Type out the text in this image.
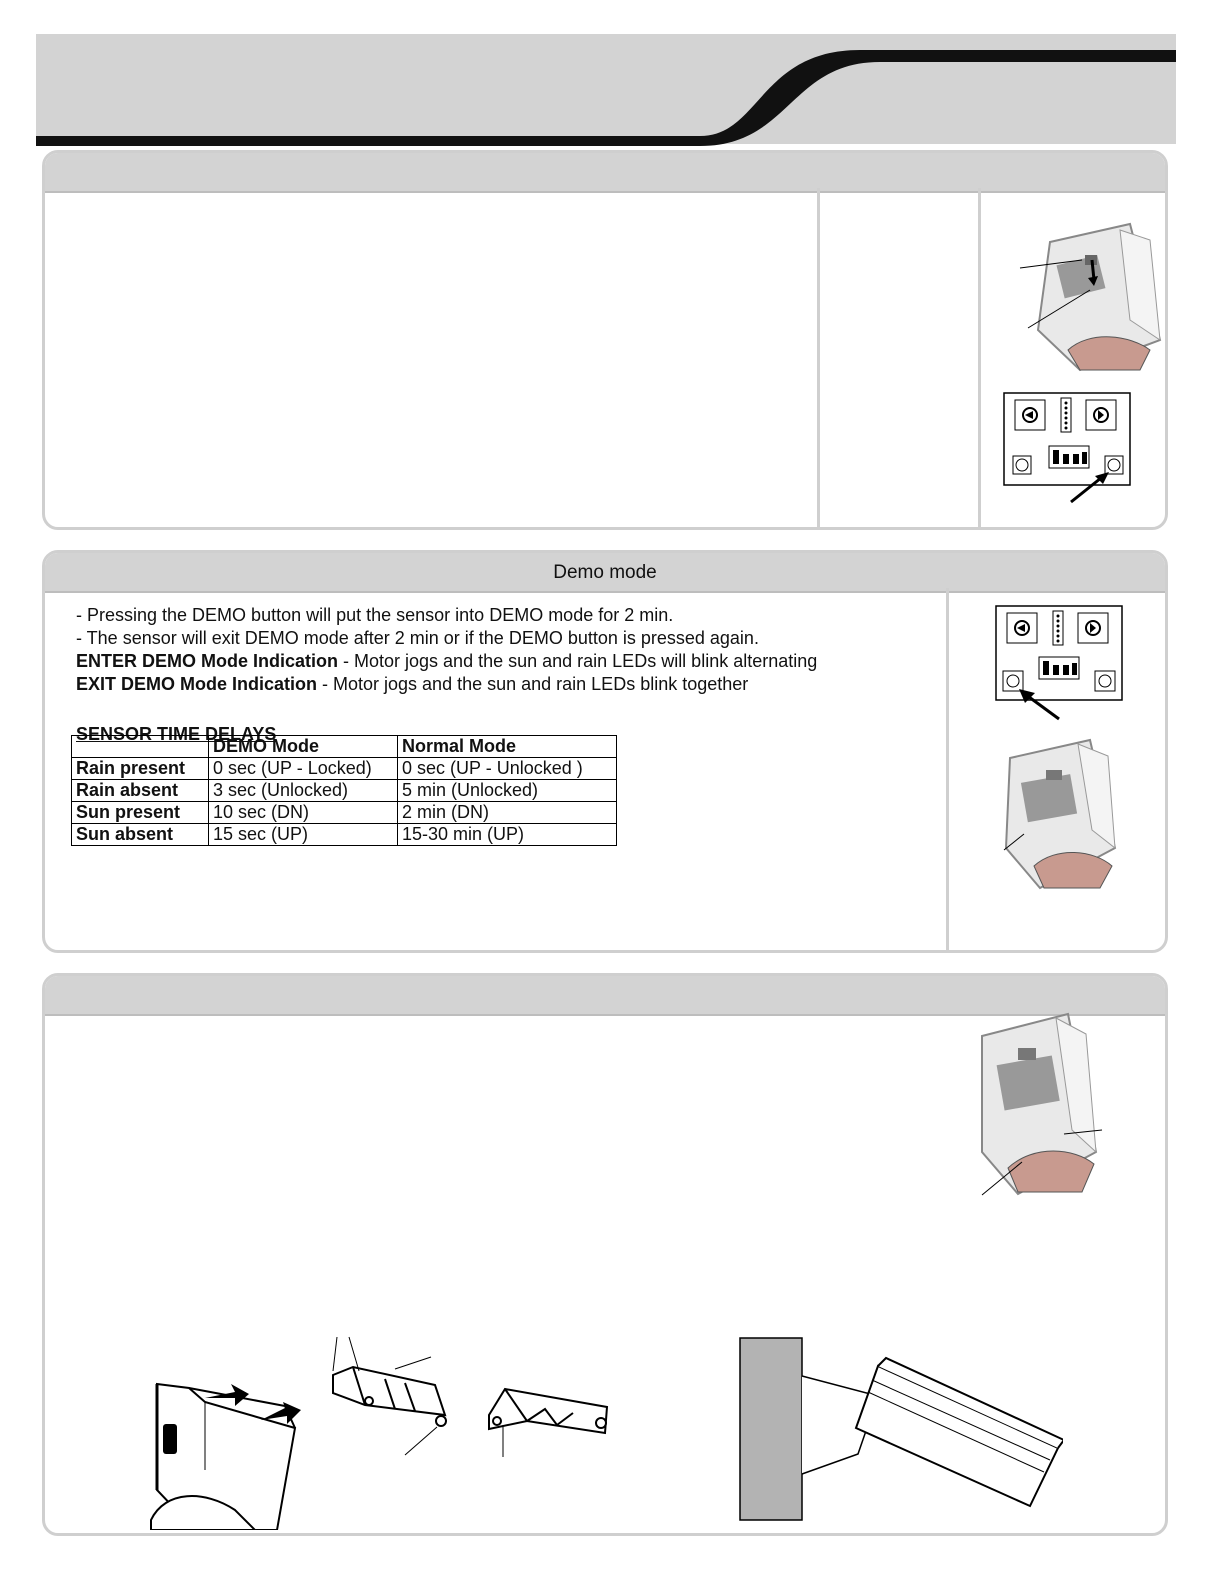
Demo mode
- Pressing the DEMO button will put the sensor into DEMO mode for 2 min.
- The sensor will exit DEMO mode after 2 min or if the DEMO button is pressed again.
ENTER DEMO Mode Indication - Motor jogs and the sun and rain LEDs will blink alternating
EXIT DEMO Mode Indication - Motor jogs and the sun and rain LEDs blink together
SENSOR TIME DELAYS
	DEMO Mode	Normal Mode
Rain present	0 sec (UP - Locked)	0 sec (UP - Unlocked )
Rain absent	3 sec (Unlocked)	5 min (Unlocked)
Sun present	10 sec (DN)	2 min (DN)
Sun absent	15 sec (UP)	15-30 min (UP)
